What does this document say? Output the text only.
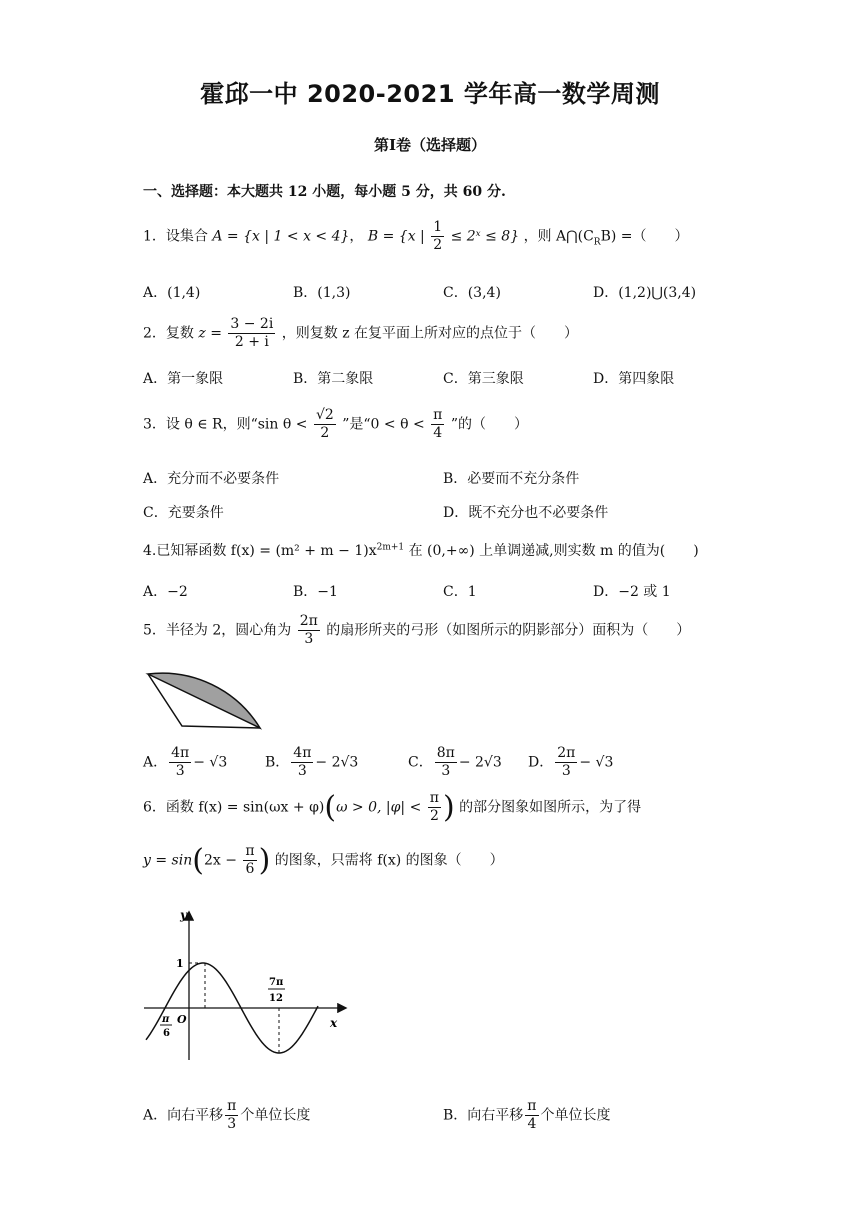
霍邱一中 2020-2021 学年高一数学周测
第Ⅰ卷（选择题）
一、选择题：本大题共 12 小题，每小题 5 分，共 60 分.
1．设集合 A = {x | 1 < x < 4}， B = {x | $\frac{1}{2}$ ≤ 2ˣ ≤ 8} ，则 $A⋂(C_RB)$ =（　　）
A．(1,4)	B．(1,3)	C．(3,4)	D．(1,2)⋃(3,4)
2．复数 $z = \frac{3 - 2i}{2 + i}$ ，则复数 z 在复平面上所对应的点位于（　　）
A．第一象限	B．第二象限	C．第三象限	D．第四象限
3．设 θ ∈ R，则“sin $\theta < \frac{√2}{2}$ ”是“$0 < \theta < \frac{\pi}{4}$ ”的（　　）
A．充分而不必要条件	B．必要而不充分条件
C．充要条件	D．既不充分也不必要条件
4.已知幂函数 $f(x) = (m^2 + m - 1)x^{2m+1}$ 在 (0,+∞) 上单调递减,则实数 m 的值为(　　)
A．−2	B．−1	C．1	D．−2 或 1
5．半径为 2，圆心角为 $\frac{2\pi}{3}$ 的扇形所夹的弓形（如图所示的阴影部分）面积为（　　）
A． $\frac{4\pi}{3} - √3$	B． $\frac{4\pi}{3} - 2√3$	C． $\frac{8\pi}{3} - 2√3$ D． $\frac{2\pi}{3} - √3$
6．函数 f(x) = sin(ωx + φ)(ω > 0, $|\varphi| < \frac{\pi}{2}$ ) 的部分图象如图所示，为了得
$y = \sin(2x - \frac{\pi}{6}$ ) 的图象，只需将 f(x) 的图象（　　）
y
x
O
1
π
6
7π
12
A．向右平移 $\frac{\pi}{3}$ 个单位长度	B．向右平移 $\frac{\pi}{4}$ 个单位长度
